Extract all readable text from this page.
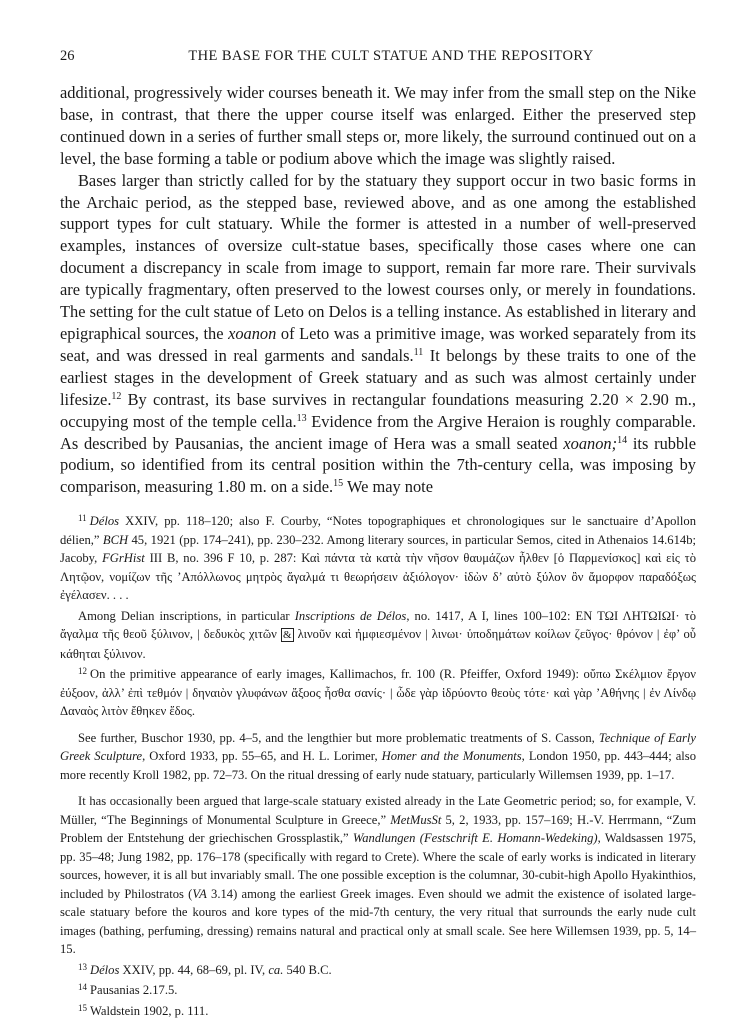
26	THE BASE FOR THE CULT STATUE AND THE REPOSITORY

additional, progressively wider courses beneath it. We may infer from the small step on the Nike base, in contrast, that there the upper course itself was enlarged. Either the preserved step continued down in a series of further small steps or, more likely, the surround continued out on a level, the base forming a table or podium above which the image was slightly raised.

Bases larger than strictly called for by the statuary they support occur in two basic forms in the Archaic period, as the stepped base, reviewed above, and as one among the established support types for cult statuary. While the former is attested in a number of well-preserved examples, instances of oversize cult-statue bases, specifically those cases where one can document a discrepancy in scale from image to support, remain far more rare. Their survivals are typically fragmentary, often preserved to the lowest courses only, or merely in foundations. The setting for the cult statue of Leto on Delos is a telling instance. As established in literary and epigraphical sources, the xoanon of Leto was a primitive image, was worked separately from its seat, and was dressed in real garments and sandals.$^{11}$ It belongs by these traits to one of the earliest stages in the development of Greek statuary and as such was almost certainly under lifesize.$^{12}$ By contrast, its base survives in rectangular foundations measuring 2.20 × 2.90 m., occupying most of the temple cella.$^{13}$ Evidence from the Argive Heraion is roughly comparable. As described by Pausanias, the ancient image of Hera was a small seated xoanon;$^{14}$ its rubble podium, so identified from its central position within the 7th-century cella, was imposing by comparison, measuring 1.80 m. on a side.$^{15}$ We may note

$^{11}$ Délos XXIV, pp. 118–120; also F. Courby, “Notes topographiques et chronologiques sur le sanctuaire d’Apollon délien,” BCH 45, 1921 (pp. 174–241), pp. 230–232. Among literary sources, in particular Semos, cited in Athenaios 14.614b; Jacoby, FGrHist III B, no. 396 F 10, p. 287: Καὶ πάντα τὰ κατὰ τὴν νῆσον θαυμάζων ἦλθεν [ὁ Παρμενίσκος] καὶ εἰς τὸ Λητῷον, νομίζων τῆς ’Απόλλωνος μητρὸς ἄγαλμά τι θεωρήσειν ἀξιόλογον· ἰδὼν δ’ αὐτὸ ξύλον ὂν ἄμορφον παραδόξως ἐγέλασεν. . . .

Among Delian inscriptions, in particular Inscriptions de Délos, no. 1417, A I, lines 100–102: ΕΝ ΤΩΙ ΛΗΤΩΙΩΙ· τὸ ἄγαλμα τῆς θεοῦ ξύλινον, | δεδυκὸς χιτῶν & λινοῦν καὶ ἠμφιεσμένον | λινωι· ὑποδημάτων κοίλων ζεῦγος· θρόνον | ἐφ’ οὗ κάθηται ξύλινον.

$^{12}$ On the primitive appearance of early images, Kallimachos, fr. 100 (R. Pfeiffer, Oxford 1949): οὔπω Σκέλμιον ἔργον ἐύξοον, ἀλλ’ ἐπὶ τεθμόν | δηναιὸν γλυφάνων ἄξοος ἦσθα σανίς· | ὧδε γὰρ ἱδρύοντο θεοὺς τότε· καὶ γὰρ ’Αθήνης | ἐν Λίνδῳ Δαναὸς λιτὸν ἔθηκεν ἕδος.

See further, Buschor 1930, pp. 4–5, and the lengthier but more problematic treatments of S. Casson, Technique of Early Greek Sculpture, Oxford 1933, pp. 55–65, and H. L. Lorimer, Homer and the Monuments, London 1950, pp. 443–444; also more recently Kroll 1982, pp. 72–73. On the ritual dressing of early nude statuary, particularly Willemsen 1939, pp. 1–17.

It has occasionally been argued that large-scale statuary existed already in the Late Geometric period; so, for example, V. Müller, “The Beginnings of Monumental Sculpture in Greece,” MetMusSt 5, 2, 1933, pp. 157–169; H.-V. Herrmann, “Zum Problem der Entstehung der griechischen Grossplastik,” Wandlungen (Festschrift E. Homann-Wedeking), Waldsassen 1975, pp. 35–48; Jung 1982, pp. 176–178 (specifically with regard to Crete). Where the scale of early works is indicated in literary sources, however, it is all but invariably small. The one possible exception is the columnar, 30-cubit-high Apollo Hyakinthios, included by Philostratos (VA 3.14) among the earliest Greek images. Even should we admit the existence of isolated large-scale statuary before the kouros and kore types of the mid-7th century, the very ritual that surrounds the early nude cult images (bathing, perfuming, dressing) remains natural and practical only at small scale. See here Willemsen 1939, pp. 5, 14–15.

$^{13}$ Délos XXIV, pp. 44, 68–69, pl. IV, ca. 540 B.C.

$^{14}$ Pausanias 2.17.5.

$^{15}$ Waldstein 1902, p. 111.
